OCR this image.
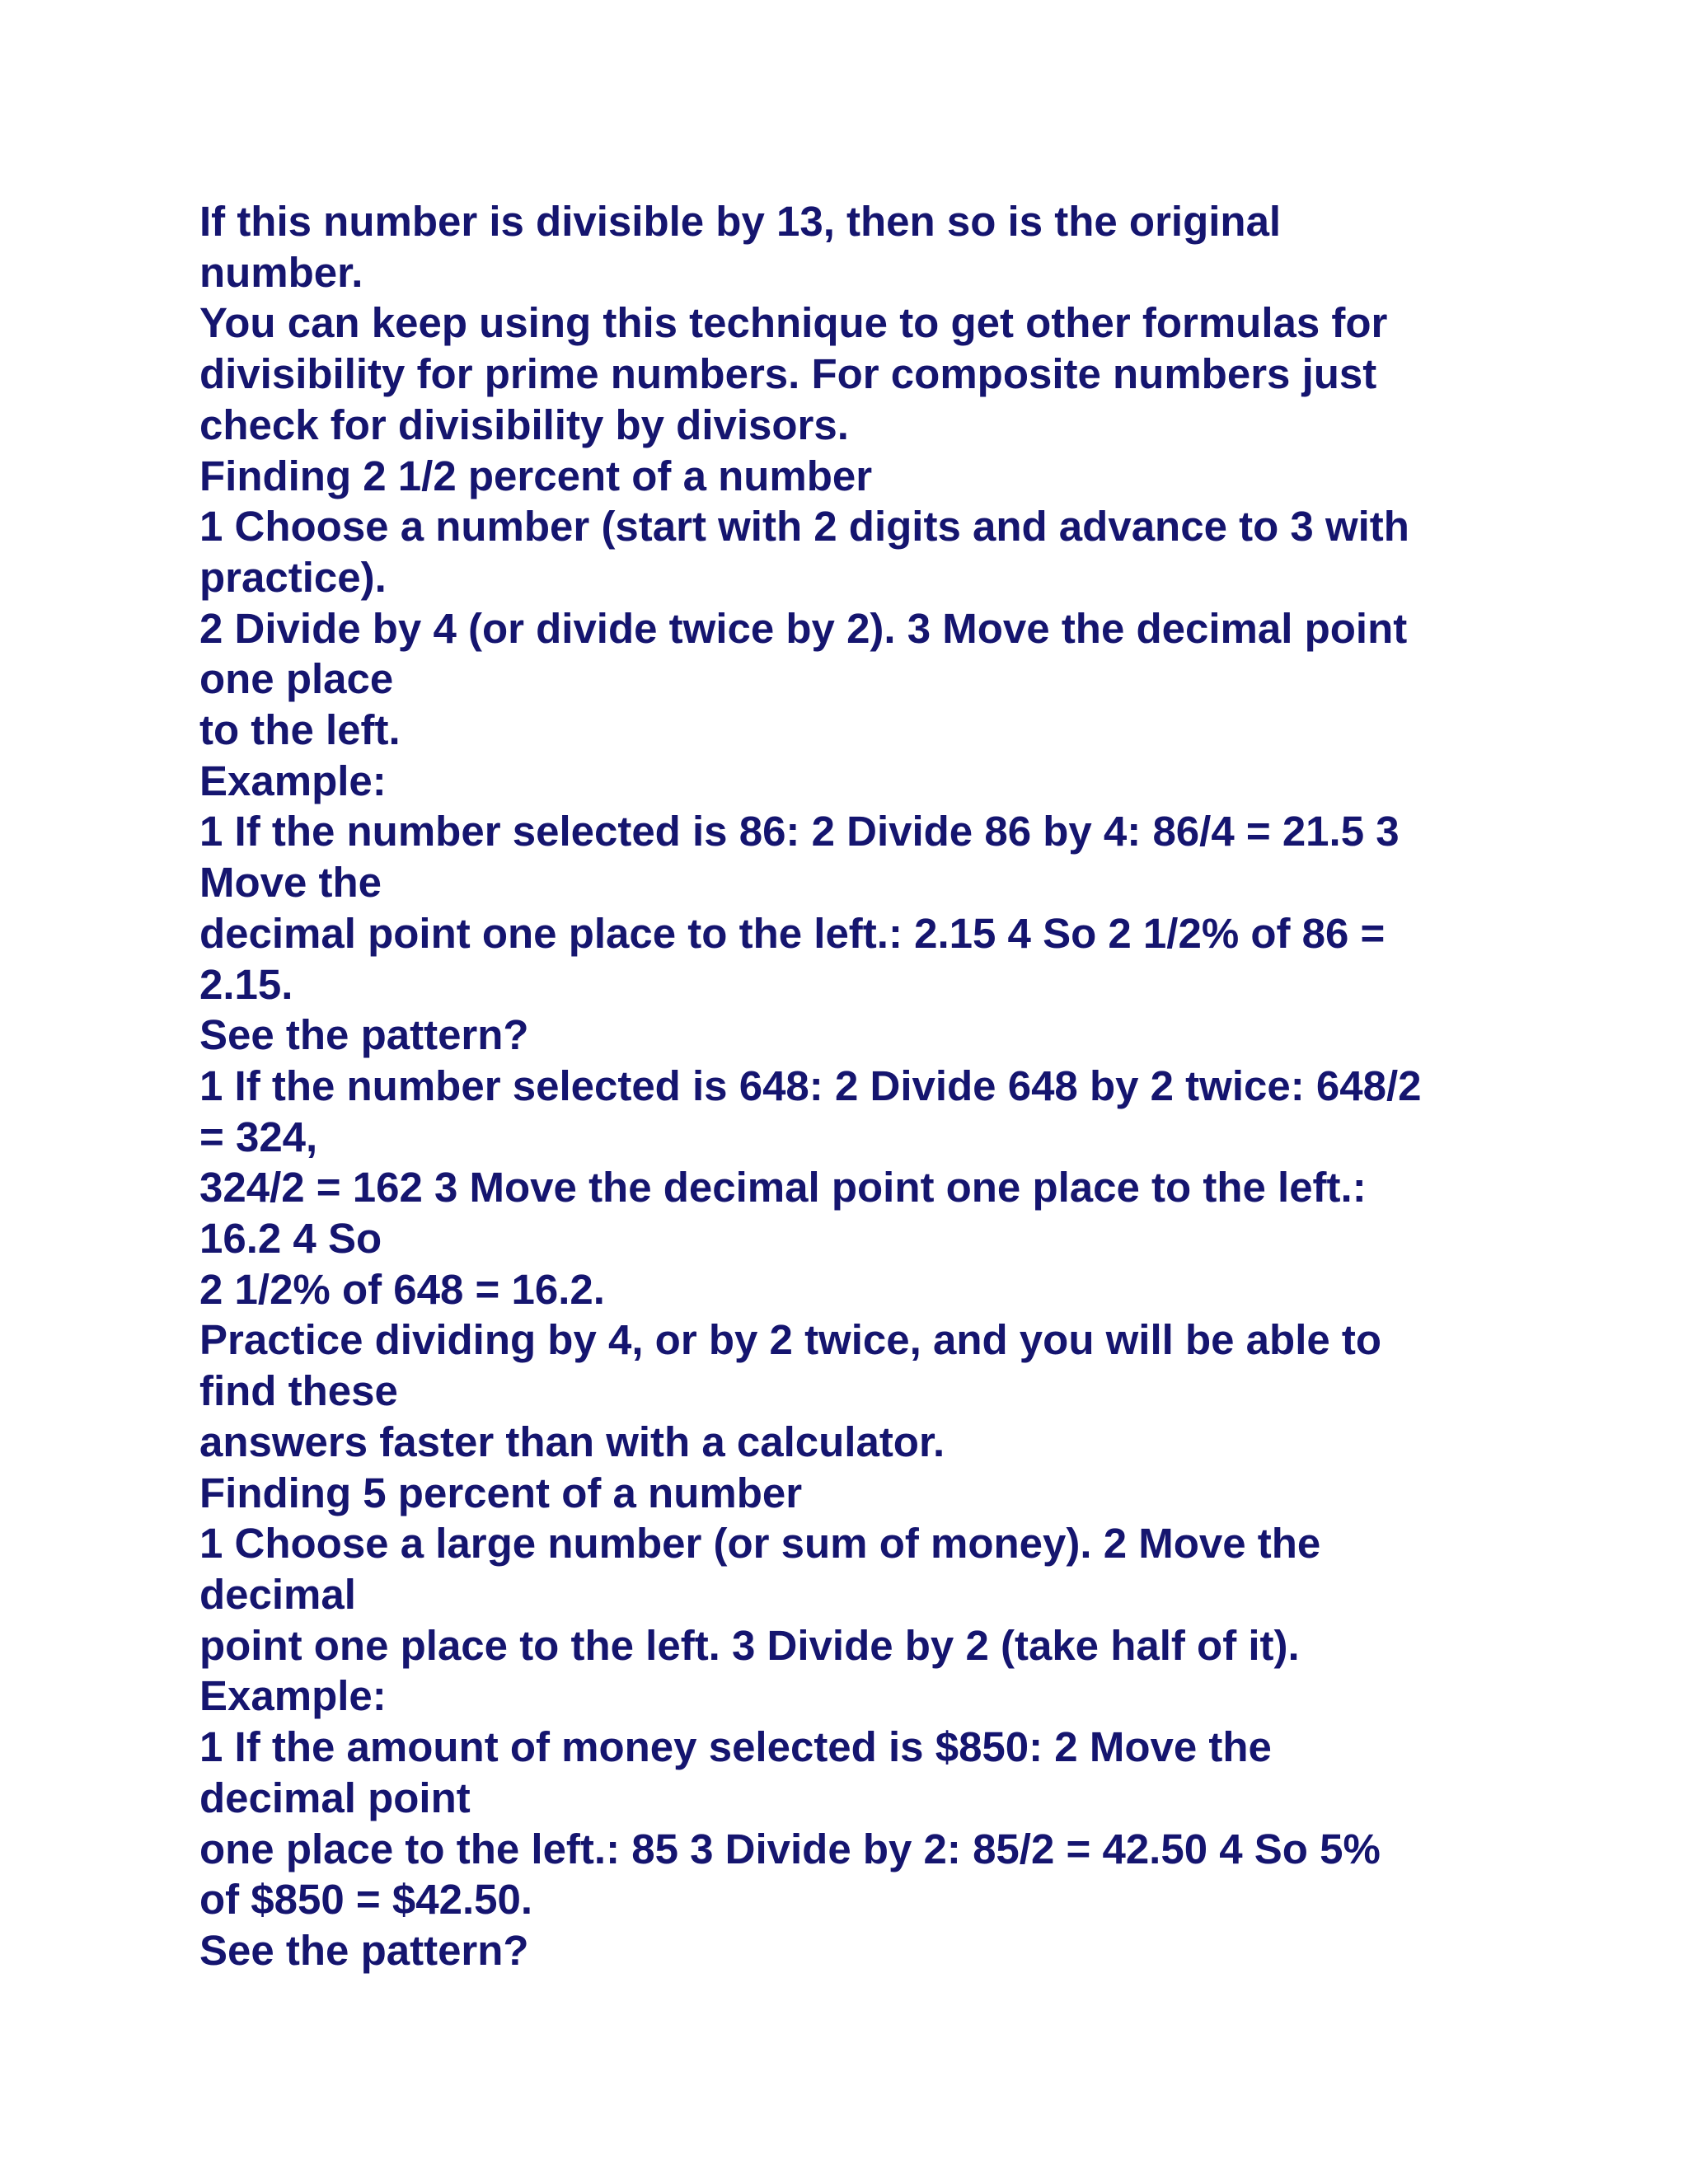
If this number is divisible by 13, then so is the original
number.
You can keep using this technique to get other formulas for
divisibility for prime numbers. For composite numbers just
check for divisibility by divisors.
Finding 2 1/2 percent of a number
1 Choose a number (start with 2 digits and advance to 3 with
practice).
2 Divide by 4 (or divide twice by 2). 3 Move the decimal point
one place
to the left.
Example:
1 If the number selected is 86: 2 Divide 86 by 4: 86/4 = 21.5 3
Move the
decimal point one place to the left.: 2.15 4 So 2 1/2% of 86 =
2.15.
See the pattern?
1 If the number selected is 648: 2 Divide 648 by 2 twice: 648/2
= 324,
324/2 = 162 3 Move the decimal point one place to the left.:
16.2 4 So
2 1/2% of 648 = 16.2.
Practice dividing by 4, or by 2 twice, and you will be able to
find these
answers faster than with a calculator.
Finding 5 percent of a number
1 Choose a large number (or sum of money). 2 Move the
decimal
point one place to the left. 3 Divide by 2 (take half of it).
Example:
1 If the amount of money selected is $850: 2 Move the
decimal point
one place to the left.: 85 3 Divide by 2: 85/2 = 42.50 4 So 5%
of $850 = $42.50.
See the pattern?
